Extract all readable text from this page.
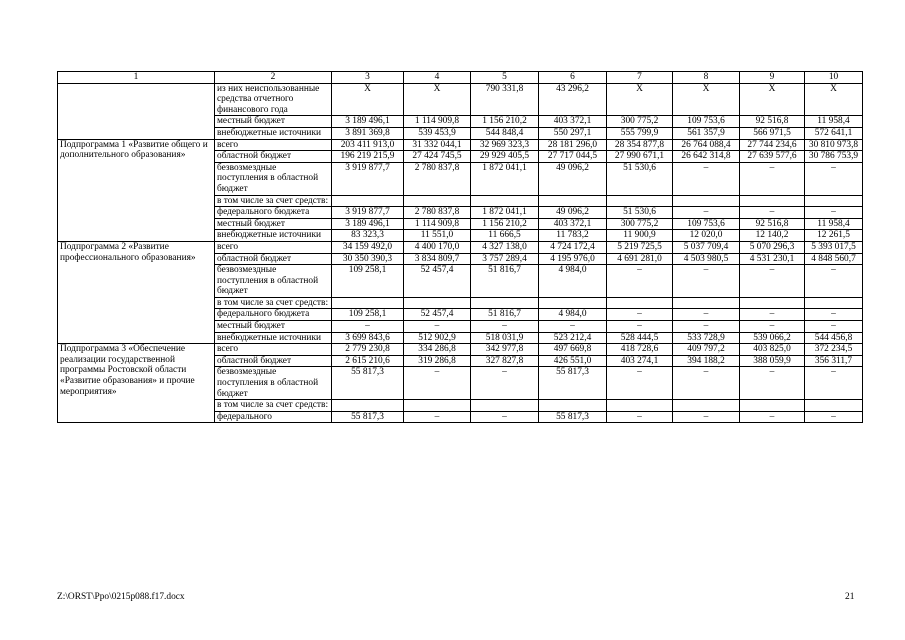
1	2	3	4	5	6	7	8	9	10
	из них неиспользованные средства отчетного финансового года	Х	Х	790 331,8	43 296,2	Х	Х	Х	Х
	местный бюджет	3 189 496,1	1 114 909,8	1 156 210,2	403 372,1	300 775,2	109 753,6	92 516,8	11 958,4
	внебюджетные источники	3 891 369,8	539 453,9	544 848,4	550 297,1	555 799,9	561 357,9	566 971,5	572 641,1
Подпрограмма 1 «Развитие общего и дополнительного образования»	всего	203 411 913,0	31 332 044,1	32 969 323,3	28 181 296,0	28 354 877,8	26 764 088,4	27 744 234,6	30 810 973,8
	областной бюджет	196 219 215,9	27 424 745,5	29 929 405,5	27 717 044,5	27 990 671,1	26 642 314,8	27 639 577,6	30 786 753,9
	безвозмездные поступления в областной бюджет	3 919 877,7	2 780 837,8	1 872 041,1	49 096,2	51 530,6	–	–	–
	в том числе за счет средств:								
	федерального бюджета	3 919 877,7	2 780 837,8	1 872 041,1	49 096,2	51 530,6	–	–	–
	местный бюджет	3 189 496,1	1 114 909,8	1 156 210,2	403 372,1	300 775,2	109 753,6	92 516,8	11 958,4
	внебюджетные источники	83 323,3	11 551,0	11 666,5	11 783,2	11 900,9	12 020,0	12 140,2	12 261,5
Подпрограмма 2 «Развитие профессионального образования»	всего	34 159 492,0	4 400 170,0	4 327 138,0	4 724 172,4	5 219 725,5	5 037 709,4	5 070 296,3	5 393 017,5
	областной бюджет	30 350 390,3	3 834 809,7	3 757 289,4	4 195 976,0	4 691 281,0	4 503 980,5	4 531 230,1	4 848 560,7
	безвозмездные поступления в областной бюджет	109 258,1	52 457,4	51 816,7	4 984,0	–	–	–	–
	в том числе за счет средств:								
	федерального бюджета	109 258,1	52 457,4	51 816,7	4 984,0	–	–	–	–
	местный бюджет	–	–	–	–	–	–	–	–
	внебюджетные источники	3 699 843,6	512 902,9	518 031,9	523 212,4	528 444,5	533 728,9	539 066,2	544 456,8
Подпрограмма 3 «Обеспечение реализации государственной программы Ростовской области «Развитие образования» и прочие мероприятия»	всего	2 779 230,8	334 286,8	342 977,8	497 669,8	418 728,6	409 797,2	403 825,0	372 234,5
	областной бюджет	2 615 210,6	319 286,8	327 827,8	426 551,0	403 274,1	394 188,2	388 059,9	356 311,7
	безвозмездные поступления в областной бюджет	55 817,3	–	–	55 817,3	–	–	–	–
	в том числе за счет средств:								
	федерального	55 817,3	–	–	55 817,3	–	–	–	–
Z:\ORST\Ppo\0215p088.f17.docx	21
